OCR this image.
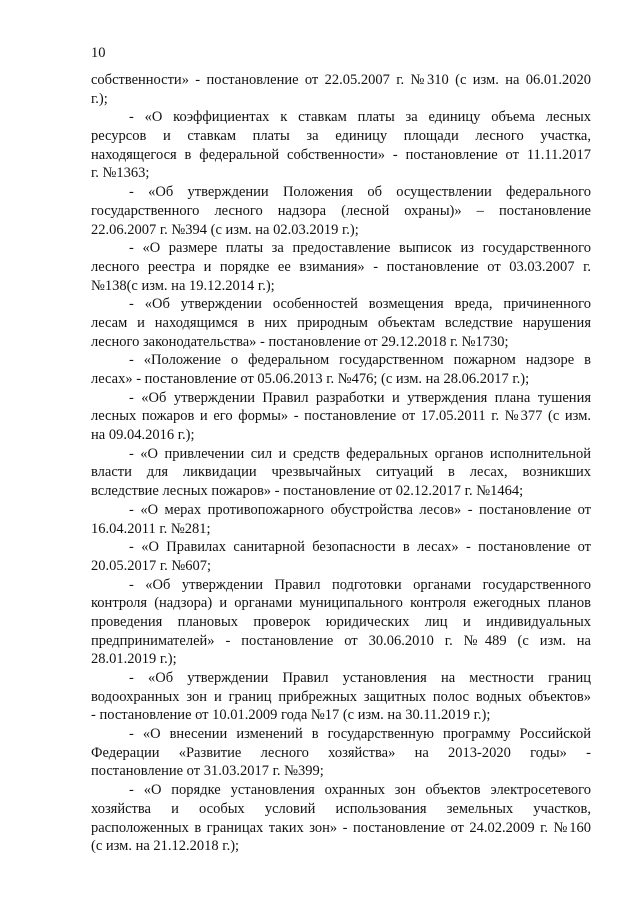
10

собственности» - постановление от 22.05.2007 г. №310 (с изм. на 06.01.2020
г.);
- «О коэффициентах к ставкам платы за единицу объема лесных
ресурсов и ставкам платы за единицу площади лесного участка,
находящегося в федеральной собственности» - постановление от 11.11.2017
г. №1363;
- «Об утверждении Положения об осуществлении федерального
государственного лесного надзора (лесной охраны)» – постановление
22.06.2007 г. №394 (с изм. на 02.03.2019 г.);
- «О размере платы за предоставление выписок из государственного
лесного реестра и порядке ее взимания» - постановление от 03.03.2007 г.
№138(с изм. на 19.12.2014 г.);
- «Об утверждении особенностей возмещения вреда, причиненного
лесам и находящимся в них природным объектам вследствие нарушения
лесного законодательства» - постановление от 29.12.2018 г. №1730;
- «Положение о федеральном государственном пожарном надзоре в
лесах» - постановление от 05.06.2013 г. №476; (с изм. на 28.06.2017 г.);
- «Об утверждении Правил разработки и утверждения плана тушения
лесных пожаров и его формы» - постановление от 17.05.2011 г. №377 (с изм.
на 09.04.2016 г.);
- «О привлечении сил и средств федеральных органов исполнительной
власти для ликвидации чрезвычайных ситуаций в лесах, возникших
вследствие лесных пожаров» - постановление от 02.12.2017 г. №1464;
- «О мерах противопожарного обустройства лесов» - постановление от
16.04.2011 г. №281;
- «О Правилах санитарной безопасности в лесах» - постановление от
20.05.2017 г. №607;
- «Об утверждении Правил подготовки органами государственного
контроля (надзора) и органами муниципального контроля ежегодных планов
проведения плановых проверок юридических лиц и индивидуальных
предпринимателей» - постановление от 30.06.2010 г. №489 (с изм. на
28.01.2019 г.);
- «Об утверждении Правил установления на местности границ
водоохранных зон и границ прибрежных защитных полос водных объектов»
- постановление от 10.01.2009 года №17 (с изм. на 30.11.2019 г.);
- «О внесении изменений в государственную программу Российской
Федерации «Развитие лесного хозяйства» на 2013-2020 годы» -
постановление от 31.03.2017 г. №399;
- «О порядке установления охранных зон объектов электросетевого
хозяйства и особых условий использования земельных участков,
расположенных в границах таких зон» - постановление от 24.02.2009 г. №160
(с изм. на 21.12.2018 г.);
